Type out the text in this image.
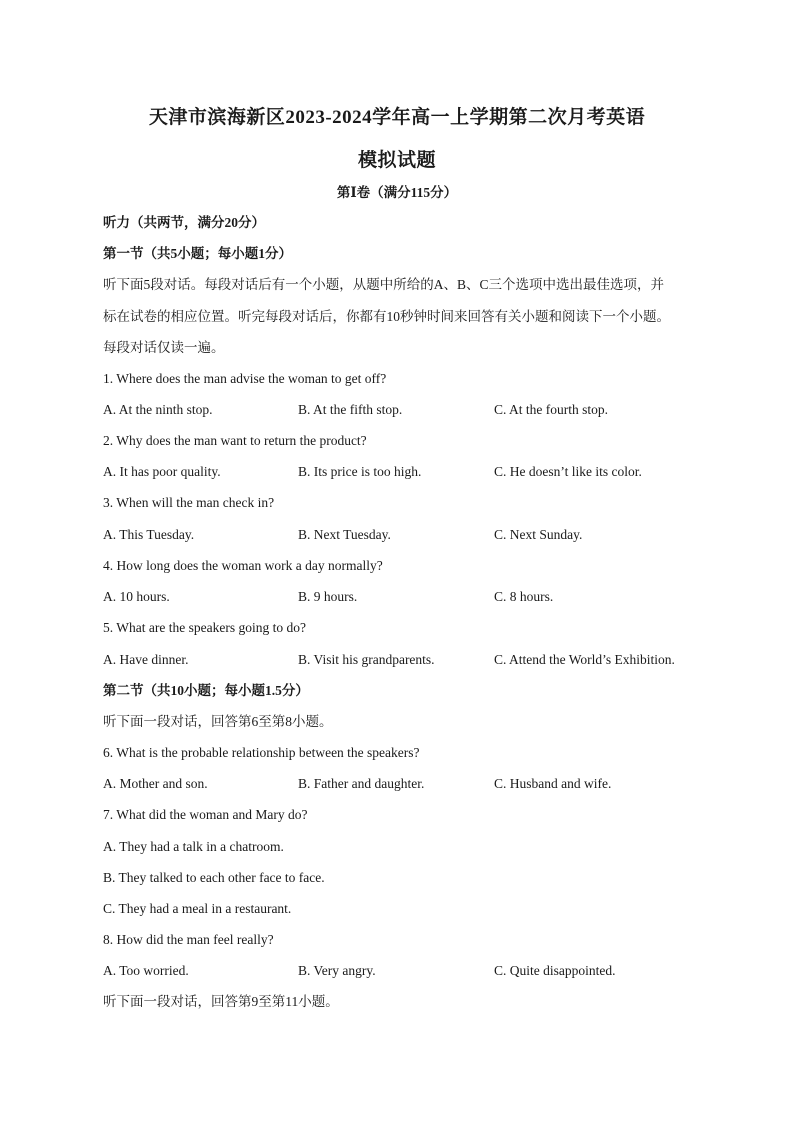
天津市滨海新区2023-2024学年高一上学期第二次月考英语
模拟试题
第Ⅰ卷（满分115分）
听力（共两节，满分20分）
第一节（共5小题；每小题1分）
听下面5段对话。每段对话后有一个小题，从题中所给的A、B、C三个选项中选出最佳选项，并
标在试卷的相应位置。听完每段对话后，你都有10秒钟时间来回答有关小题和阅读下一个小题。
每段对话仅读一遍。
1. Where does the man advise the woman to get off?
A. At the ninth stop.	B. At the fifth stop.	C. At the fourth stop.
2. Why does the man want to return the product?
A. It has poor quality.	B. Its price is too high.	C. He doesn’t like its color.
3. When will the man check in?
A. This Tuesday.	B. Next Tuesday.	C. Next Sunday.
4. How long does the woman work a day normally?
A. 10 hours.	B. 9 hours.	C. 8 hours.
5. What are the speakers going to do?
A. Have dinner.	B. Visit his grandparents.	C. Attend the World’s Exhibition.
第二节（共10小题；每小题1.5分）
听下面一段对话，回答第6至第8小题。
6. What is the probable relationship between the speakers?
A. Mother and son.	B. Father and daughter.	C. Husband and wife.
7. What did the woman and Mary do?
A. They had a talk in a chatroom.
B. They talked to each other face to face.
C. They had a meal in a restaurant.
8. How did the man feel really?
A. Too worried.	B. Very angry.	C. Quite disappointed.
听下面一段对话，回答第9至第11小题。
